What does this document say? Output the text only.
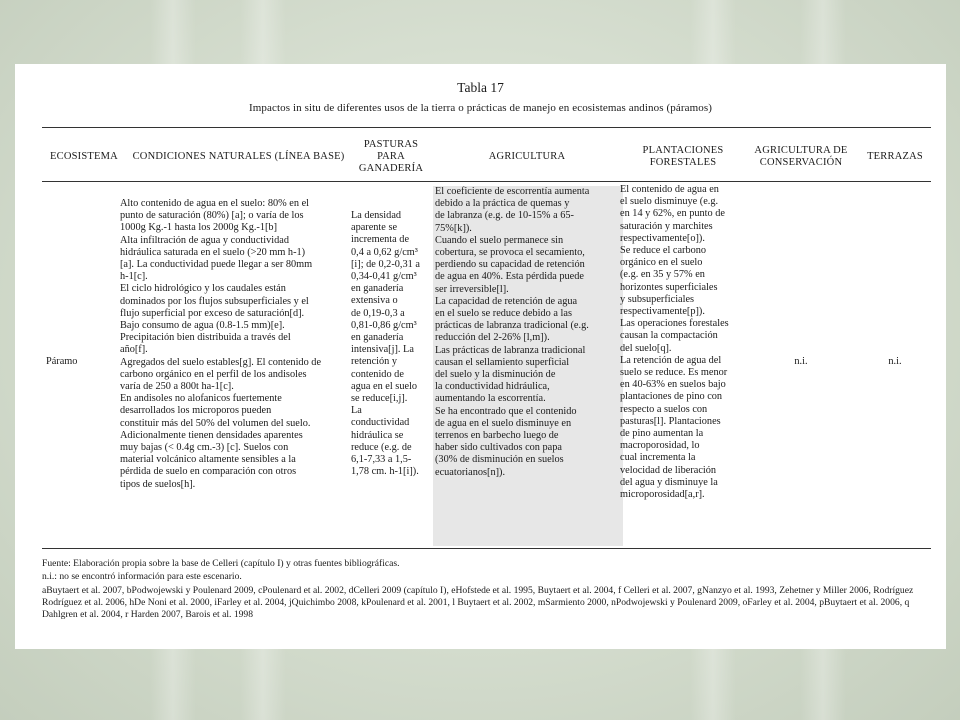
Tabla 17
Impactos in situ de diferentes usos de la tierra o prácticas de manejo en ecosistemas andinos (páramos)
ECOSISTEMA	CONDICIONES NATURALES (LÍNEA BASE)
PASTURAS PARA GANADERÍA
AGRICULTURA
PLANTACIONES FORESTALES
AGRICULTURA DE CONSERVACIÓN
TERRAZAS
Páramo
Alto contenido de agua en el suelo: 80% en el
punto de saturación (80%) [a]; o varía de los
1000g Kg.-1 hasta los 2000g Kg.-1[b]
Alta infiltración de agua y conductividad
hidráulica saturada en el suelo (>20 mm h-1)
[a]. La conductividad puede llegar a ser 80mm
h-1[c].
El ciclo hidrológico y los caudales están
dominados por los flujos subsuperficiales y el
flujo superficial por exceso de saturación[d].
Bajo consumo de agua (0.8-1.5 mm)[e].
Precipitación bien distribuida a través del
año[f].
Agregados del suelo estables[g]. El contenido de
carbono orgánico en el perfil de los andisoles
varía de 250 a 800t ha-1[c].
En andisoles no alofanicos fuertemente
desarrollados los microporos pueden
constituir más del 50% del volumen del suelo.
Adicionalmente tienen densidades aparentes
muy bajas (< 0.4g cm.-3) [c]. Suelos con
material volcánico altamente sensibles a la
pérdida de suelo en comparación con otros
tipos de suelos[h].
La densidad
aparente se
incrementa de
0,4 a 0,62 g/cm³
[i]; de 0,2-0,31 a
0,34-0,41 g/cm³
en ganadería
extensiva o
de 0,19-0,3 a
0,81-0,86 g/cm³
en ganadería
intensiva[j]. La
retención y
contenido de
agua en el suelo
se reduce[i,j].
La
conductividad
hidráulica se
reduce (e.g. de
6,1-7,33 a 1,5-
1,78 cm. h-1[i]).
El coeficiente de escorrentía aumenta
debido a la práctica de quemas y
de labranza (e.g. de 10-15% a 65-
75%[k]).
Cuando el suelo permanece sin
cobertura, se provoca el secamiento,
perdiendo su capacidad de retención
de agua en 40%. Esta pérdida puede
ser irreversible[l].
La capacidad de retención de agua
en el suelo se reduce debido a las
prácticas de labranza tradicional (e.g.
reducción del 2-26% [l,m]).
Las prácticas de labranza tradicional
causan el sellamiento superficial
del suelo y la disminución de
la conductividad hidráulica,
aumentando la escorrentía.
Se ha encontrado que el contenido
de agua en el suelo disminuye en
terrenos en barbecho luego de
haber sido cultivados con papa
(30% de disminución en suelos
ecuatorianos[n]).
El contenido de agua en
el suelo disminuye (e.g.
en 14 y 62%, en punto de
saturación y marchites
respectivamente[o]).
Se reduce el carbono
orgánico en el suelo
(e.g. en 35 y 57% en
horizontes superficiales
y subsuperficiales
respectivamente[p]).
Las operaciones forestales
causan la compactación
del suelo[q].
La retención de agua del
suelo se reduce. Es menor
en 40-63% en suelos bajo
plantaciones de pino con
respecto a suelos con
pasturas[l]. Plantaciones
de pino aumentan la
macroporosidad, lo
cual incrementa la
velocidad de liberación
del agua y disminuye la
microporosidad[a,r].
n.i.	n.i.
Fuente: Elaboración propia sobre la base de Celleri (capítulo I) y otras fuentes bibliográficas.
n.i.: no se encontró información para este escenario.
aBuytaert et al. 2007, bPodwojewski y Poulenard 2009, cPoulenard et al. 2002, dCelleri 2009 (capítulo I), eHofstede et al. 1995, Buytaert et al. 2004, f Celleri et al. 2007, gNanzyo et al. 1993, Zehetner y Miller 2006, Rodríguez Rodríguez et al. 2006, hDe Noni et al. 2000, iFarley et al. 2004, jQuichimbo 2008, kPoulenard et al. 2001, l Buytaert et al. 2002, mSarmiento 2000, nPodwojewski y Poulenard 2009, oFarley et al. 2004, pBuytaert et al. 2006, q Dahlgren et al. 2004, r Harden 2007, Barois et al. 1998
